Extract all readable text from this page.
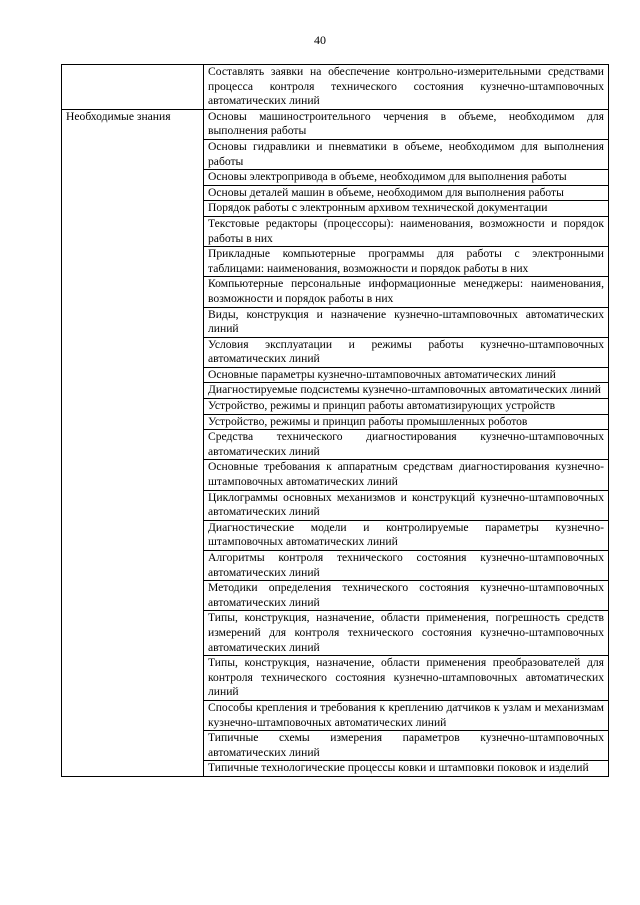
40
	Составлять заявки на обеспечение контрольно-измерительными средствами процесса контроля технического состояния кузнечно-штамповочных автоматических линий
Необходимые знания	Основы машиностроительного черчения в объеме, необходимом для выполнения работы
	Основы гидравлики и пневматики в объеме, необходимом для выполнения работы
	Основы электропривода в объеме, необходимом для выполнения работы
	Основы деталей машин в объеме, необходимом для выполнения работы
	Порядок работы с электронным архивом технической документации
	Текстовые редакторы (процессоры): наименования, возможности и порядок работы в них
	Прикладные компьютерные программы для работы с электронными таблицами: наименования, возможности и порядок работы в них
	Компьютерные персональные информационные менеджеры: наименования, возможности и порядок работы в них
	Виды, конструкция и назначение кузнечно-штамповочных автоматических линий
	Условия эксплуатации и режимы работы кузнечно-штамповочных автоматических линий
	Основные параметры кузнечно-штамповочных автоматических линий
	Диагностируемые подсистемы кузнечно-штамповочных автоматических линий
	Устройство, режимы и принцип работы автоматизирующих устройств
	Устройство, режимы и принцип работы промышленных роботов
	Средства технического диагностирования кузнечно-штамповочных автоматических линий
	Основные требования к аппаратным средствам диагностирования кузнечно-штамповочных автоматических линий
	Циклограммы основных механизмов и конструкций кузнечно-штамповочных автоматических линий
	Диагностические модели и контролируемые параметры кузнечно-штамповочных автоматических линий
	Алгоритмы контроля технического состояния кузнечно-штамповочных автоматических линий
	Методики определения технического состояния кузнечно-штамповочных автоматических линий
	Типы, конструкция, назначение, области применения, погрешность средств измерений для контроля технического состояния кузнечно-штамповочных автоматических линий
	Типы, конструкция, назначение, области применения преобразователей для контроля технического состояния кузнечно-штамповочных автоматических линий
	Способы крепления и требования к креплению датчиков к узлам и механизмам кузнечно-штамповочных автоматических линий
	Типичные схемы измерения параметров кузнечно-штамповочных автоматических линий
	Типичные технологические процессы ковки и штамповки поковок и изделий
